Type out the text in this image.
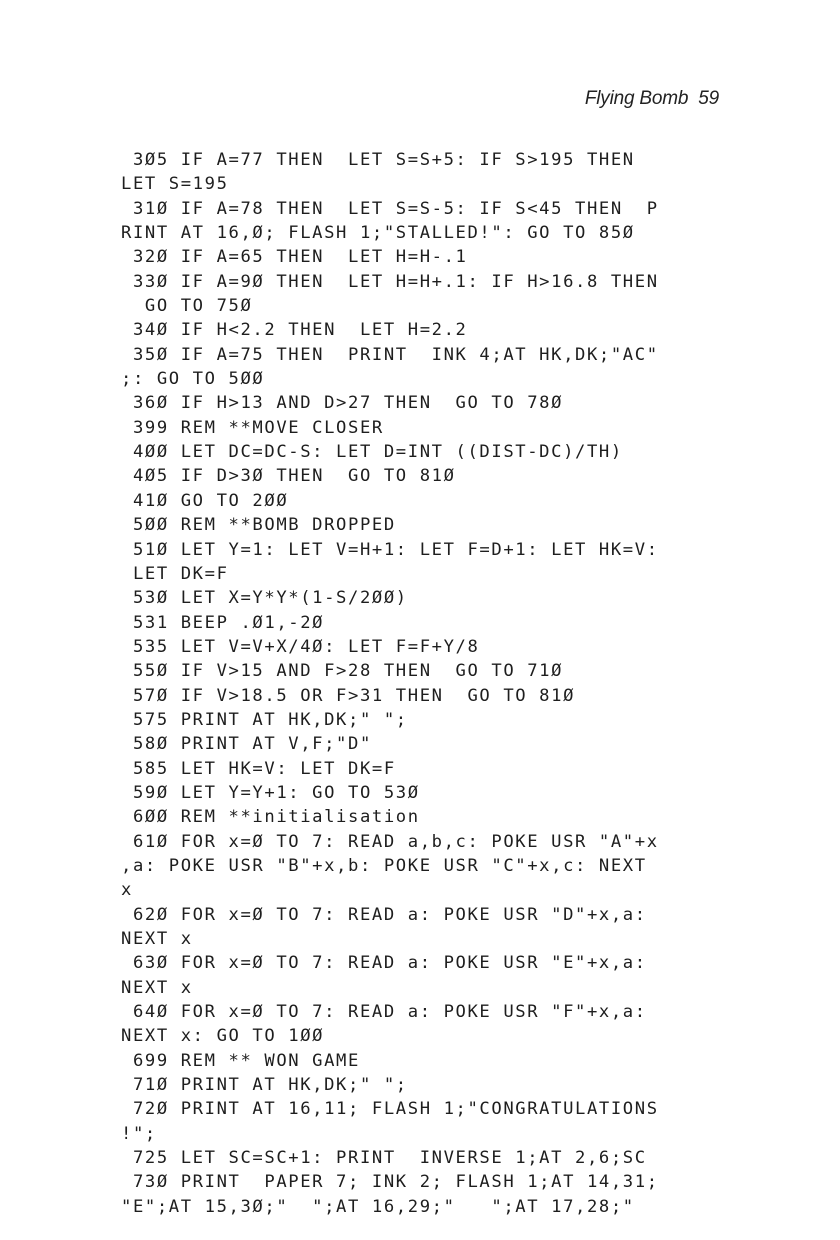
Flying Bomb 59
3Ø5 IF A=77 THEN  LET S=S+5: IF S>195 THEN
LET S=195
31Ø IF A=78 THEN  LET S=S-5: IF S<45 THEN  P
RINT AT 16,Ø; FLASH 1;"STALLED!": GO TO 85Ø
32Ø IF A=65 THEN  LET H=H-.1
33Ø IF A=9Ø THEN  LET H=H+.1: IF H>16.8 THEN
GO TO 75Ø
34Ø IF H<2.2 THEN  LET H=2.2
35Ø IF A=75 THEN  PRINT  INK 4;AT HK,DK;"AC"
;: GO TO 5ØØ
36Ø IF H>13 AND D>27 THEN  GO TO 78Ø
399 REM **MOVE CLOSER
4ØØ LET DC=DC-S: LET D=INT ((DIST-DC)/TH)
4Ø5 IF D>3Ø THEN  GO TO 81Ø
41Ø GO TO 2ØØ
5ØØ REM **BOMB DROPPED
51Ø LET Y=1: LET V=H+1: LET F=D+1: LET HK=V:
LET DK=F
53Ø LET X=Y*Y*(1-S/2ØØ)
531 BEEP .Ø1,-2Ø
535 LET V=V+X/4Ø: LET F=F+Y/8
55Ø IF V>15 AND F>28 THEN  GO TO 71Ø
57Ø IF V>18.5 OR F>31 THEN  GO TO 81Ø
575 PRINT AT HK,DK;" ";
58Ø PRINT AT V,F;"D"
585 LET HK=V: LET DK=F
59Ø LET Y=Y+1: GO TO 53Ø
6ØØ REM **initialisation
61Ø FOR x=Ø TO 7: READ a,b,c: POKE USR "A"+x
,a: POKE USR "B"+x,b: POKE USR "C"+x,c: NEXT
x
62Ø FOR x=Ø TO 7: READ a: POKE USR "D"+x,a:
NEXT x
63Ø FOR x=Ø TO 7: READ a: POKE USR "E"+x,a:
NEXT x
64Ø FOR x=Ø TO 7: READ a: POKE USR "F"+x,a:
NEXT x: GO TO 1ØØ
699 REM ** WON GAME
71Ø PRINT AT HK,DK;" ";
72Ø PRINT AT 16,11; FLASH 1;"CONGRATULATIONS
!";
725 LET SC=SC+1: PRINT  INVERSE 1;AT 2,6;SC
73Ø PRINT  PAPER 7; INK 2; FLASH 1;AT 14,31;
"E";AT 15,3Ø;"  ";AT 16,29;"   ";AT 17,28;"
